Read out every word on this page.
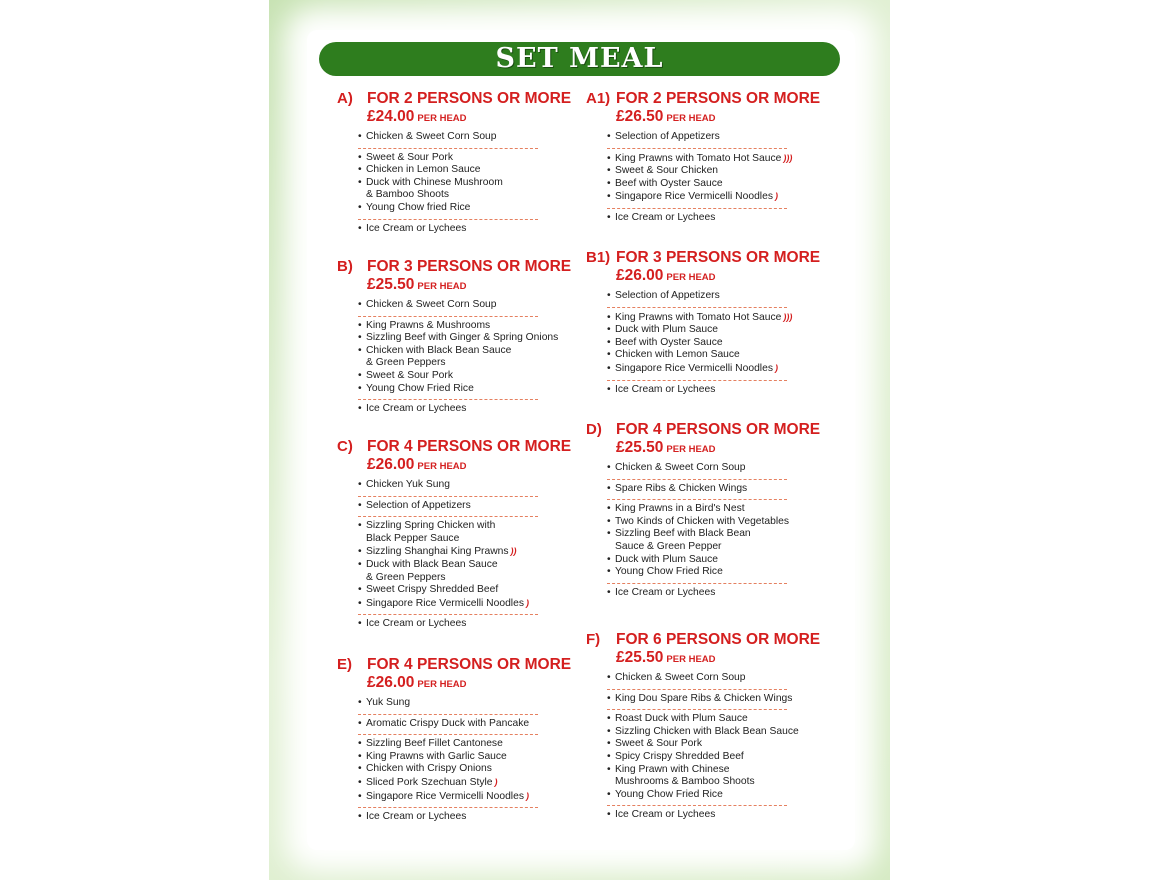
SET MEAL
A) FOR 2 PERSONS OR MORE
£24.00 PER HEAD
• Chicken & Sweet Corn Soup
• Sweet & Sour Pork
• Chicken in Lemon Sauce
• Duck with Chinese Mushroom
& Bamboo Shoots
• Young Chow fried Rice
• Ice Cream or Lychees
B) FOR 3 PERSONS OR MORE
£25.50 PER HEAD
• Chicken & Sweet Corn Soup
• King Prawns & Mushrooms
• Sizzling Beef with Ginger & Spring Onions
• Chicken with Black Bean Sauce
& Green Peppers
• Sweet & Sour Pork
• Young Chow Fried Rice
• Ice Cream or Lychees
C) FOR 4 PERSONS OR MORE
£26.00 PER HEAD
• Chicken Yuk Sung
• Selection of Appetizers
• Sizzling Spring Chicken with
Black Pepper Sauce
• Sizzling Shanghai King Prawns ))
• Duck with Black Bean Sauce
& Green Peppers
• Sweet Crispy Shredded Beef
• Singapore Rice Vermicelli Noodles )
• Ice Cream or Lychees
E) FOR 4 PERSONS OR MORE
£26.00 PER HEAD
• Yuk Sung
• Aromatic Crispy Duck with Pancake
• Sizzling Beef Fillet Cantonese
• King Prawns with Garlic Sauce
• Chicken with Crispy Onions
• Sliced Pork Szechuan Style )
• Singapore Rice Vermicelli Noodles )
• Ice Cream or Lychees
A1) FOR 2 PERSONS OR MORE
£26.50 PER HEAD
• Selection of Appetizers
• King Prawns with Tomato Hot Sauce )))
• Sweet & Sour Chicken
• Beef with Oyster Sauce
• Singapore Rice Vermicelli Noodles )
• Ice Cream or Lychees
B1) FOR 3 PERSONS OR MORE
£26.00 PER HEAD
• Selection of Appetizers
• King Prawns with Tomato Hot Sauce )))
• Duck with Plum Sauce
• Beef with Oyster Sauce
• Chicken with Lemon Sauce
• Singapore Rice Vermicelli Noodles )
• Ice Cream or Lychees
D) FOR 4 PERSONS OR MORE
£25.50 PER HEAD
• Chicken & Sweet Corn Soup
• Spare Ribs & Chicken Wings
• King Prawns in a Bird's Nest
• Two Kinds of Chicken with Vegetables
• Sizzling Beef with Black Bean
Sauce & Green Pepper
• Duck with Plum Sauce
• Young Chow Fried Rice
• Ice Cream or Lychees
F)	FOR 6 PERSONS OR MORE
£25.50 PER HEAD
• Chicken & Sweet Corn Soup
• King Dou Spare Ribs & Chicken Wings
• Roast Duck with Plum Sauce
• Sizzling Chicken with Black Bean Sauce
• Sweet & Sour Pork
• Spicy Crispy Shredded Beef
• King Prawn with Chinese
Mushrooms & Bamboo Shoots
• Young Chow Fried Rice
• Ice Cream or Lychees
